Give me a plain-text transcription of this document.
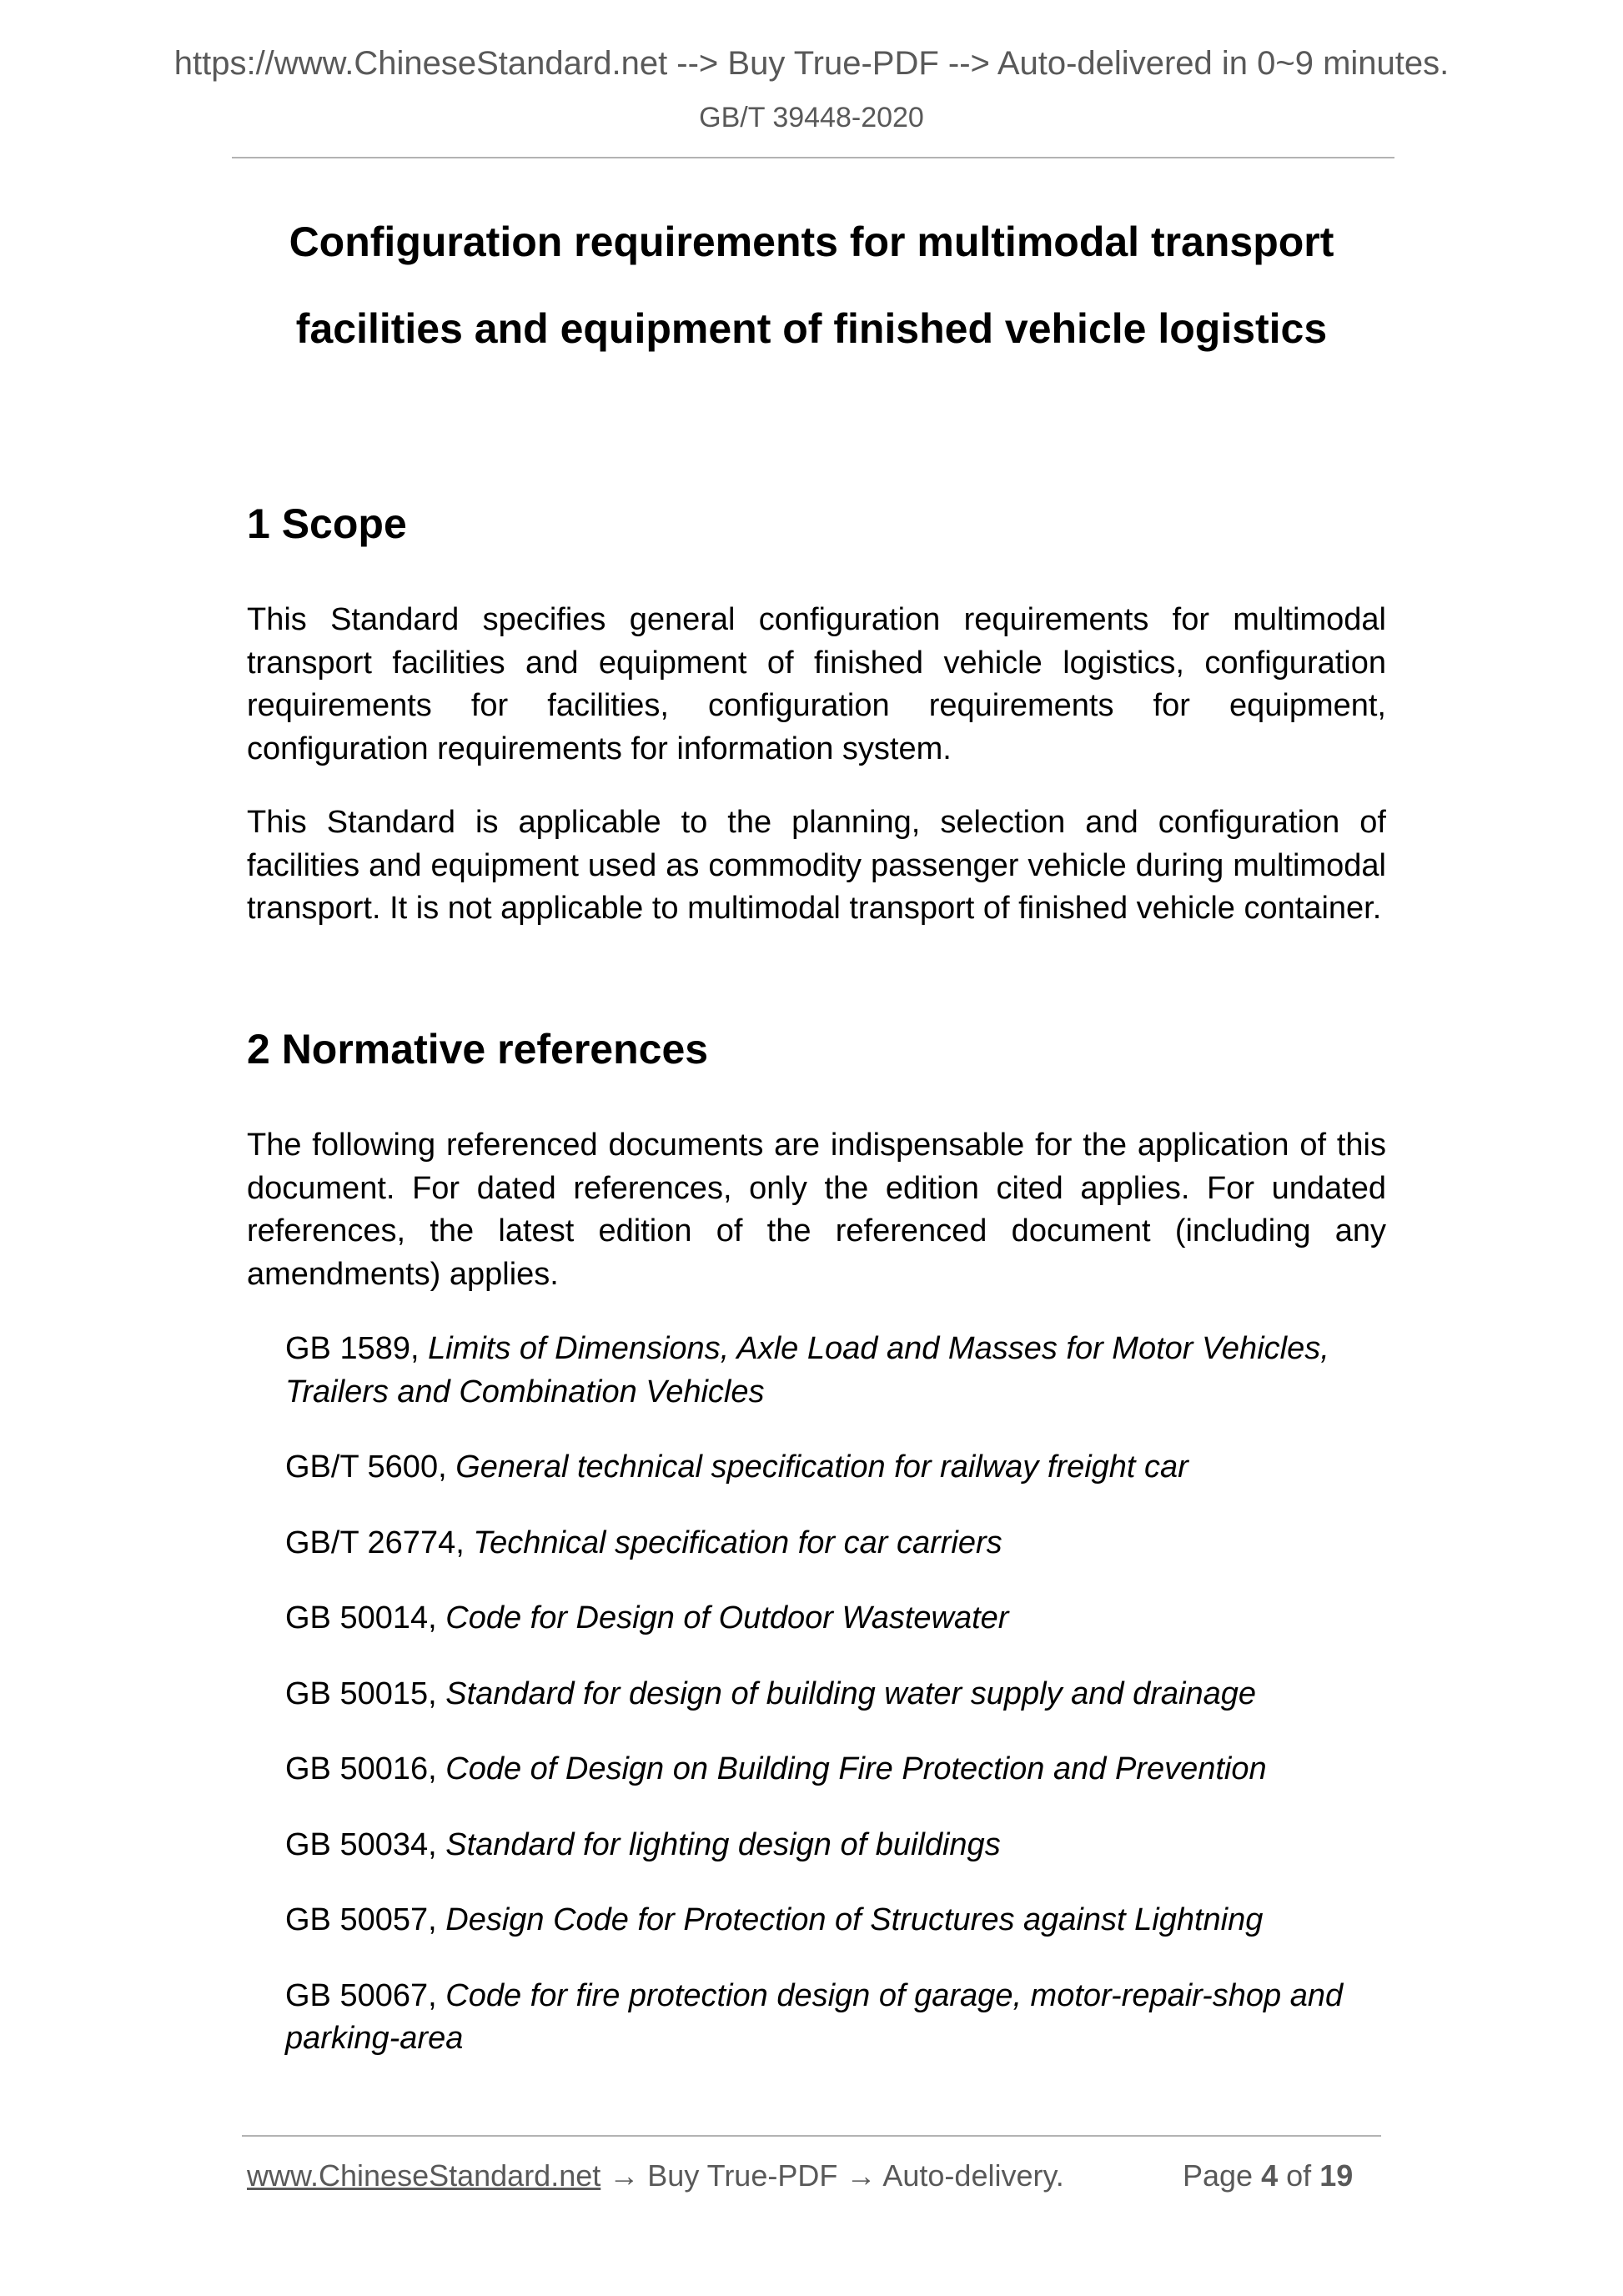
https://www.ChineseStandard.net --> Buy True-PDF --> Auto-delivered in 0~9 minutes.
GB/T 39448-2020
Configuration requirements for multimodal transport
facilities and equipment of finished vehicle logistics
1 Scope

This Standard specifies general configuration requirements for multimodal transport facilities and equipment of finished vehicle logistics, configuration requirements for facilities, configuration requirements for equipment, configuration requirements for information system.

This Standard is applicable to the planning, selection and configuration of facilities and equipment used as commodity passenger vehicle during multimodal transport. It is not applicable to multimodal transport of finished vehicle container.

2 Normative references

The following referenced documents are indispensable for the application of this document. For dated references, only the edition cited applies. For undated references, the latest edition of the referenced document (including any amendments) applies.

GB 1589, Limits of Dimensions, Axle Load and Masses for Motor Vehicles, Trailers and Combination Vehicles

GB/T 5600, General technical specification for railway freight car

GB/T 26774, Technical specification for car carriers

GB 50014, Code for Design of Outdoor Wastewater

GB 50015, Standard for design of building water supply and drainage

GB 50016, Code of Design on Building Fire Protection and Prevention

GB 50034, Standard for lighting design of buildings

GB 50057, Design Code for Protection of Structures against Lightning

GB 50067, Code for fire protection design of garage, motor-repair-shop and parking-area

www.ChineseStandard.net → Buy True-PDF → Auto-delivery.	Page 4 of 19
